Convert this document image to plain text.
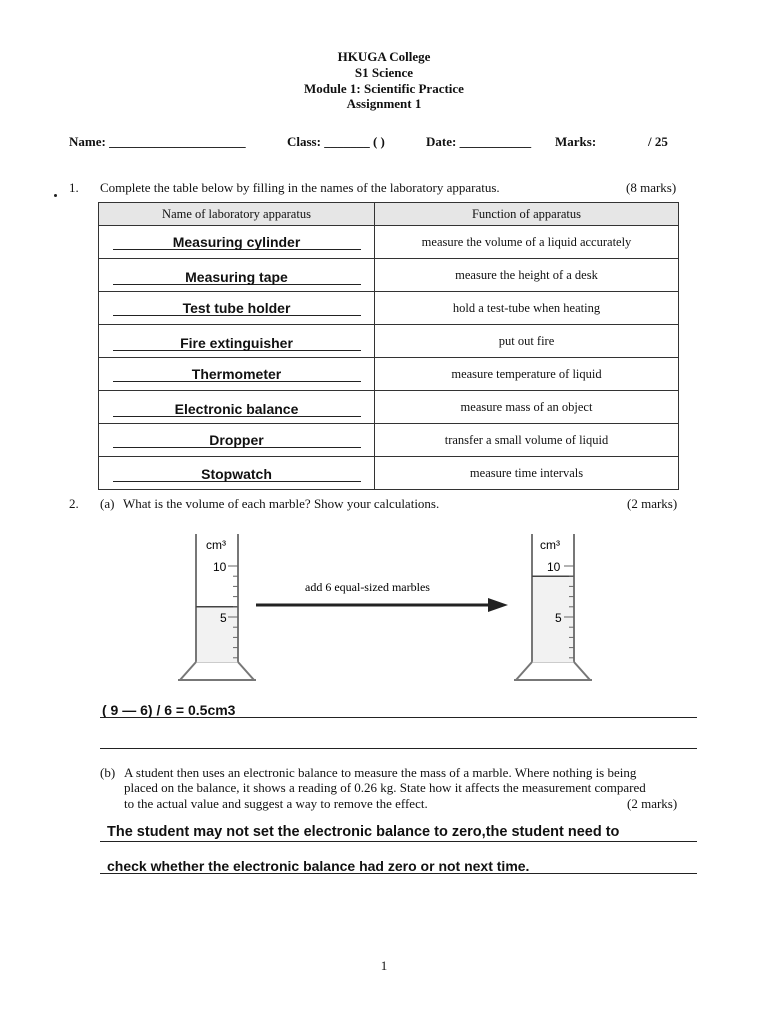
HKUGA College
S1 Science
Module 1: Scientific Practice
Assignment 1
Name: _____________________	Class: _______ ( )	Date: ___________ Marks:	/ 25
1. Complete the table below by filling in the names of the laboratory apparatus.	(8 marks)
Name of laboratory apparatus	Function of apparatus
Measuring cylinder	measure the volume of a liquid accurately
Measuring tape	measure the height of a desk
Test tube holder	hold a test-tube when heating
Fire extinguisher	put out fire
Thermometer	measure temperature of liquid
Electronic balance	measure mass of an object
Dropper	transfer a small volume of liquid
Stopwatch	measure time intervals
2. (a) What is the volume of each marble? Show your calculations.	(2 marks)
cm³
10
5
add 6 equal-sized marbles
cm³
10
5
( 9 — 6) / 6 = 0.5cm3
(b) A student then uses an electronic balance to measure the mass of a marble. Where nothing is being
placed on the balance, it shows a reading of 0.26 kg. State how it affects the measurement compared
to the actual value and suggest a way to remove the effect.	(2 marks)
The student may not set the electronic balance to zero,the student need to
check whether the electronic balance had zero or not next time.
1
